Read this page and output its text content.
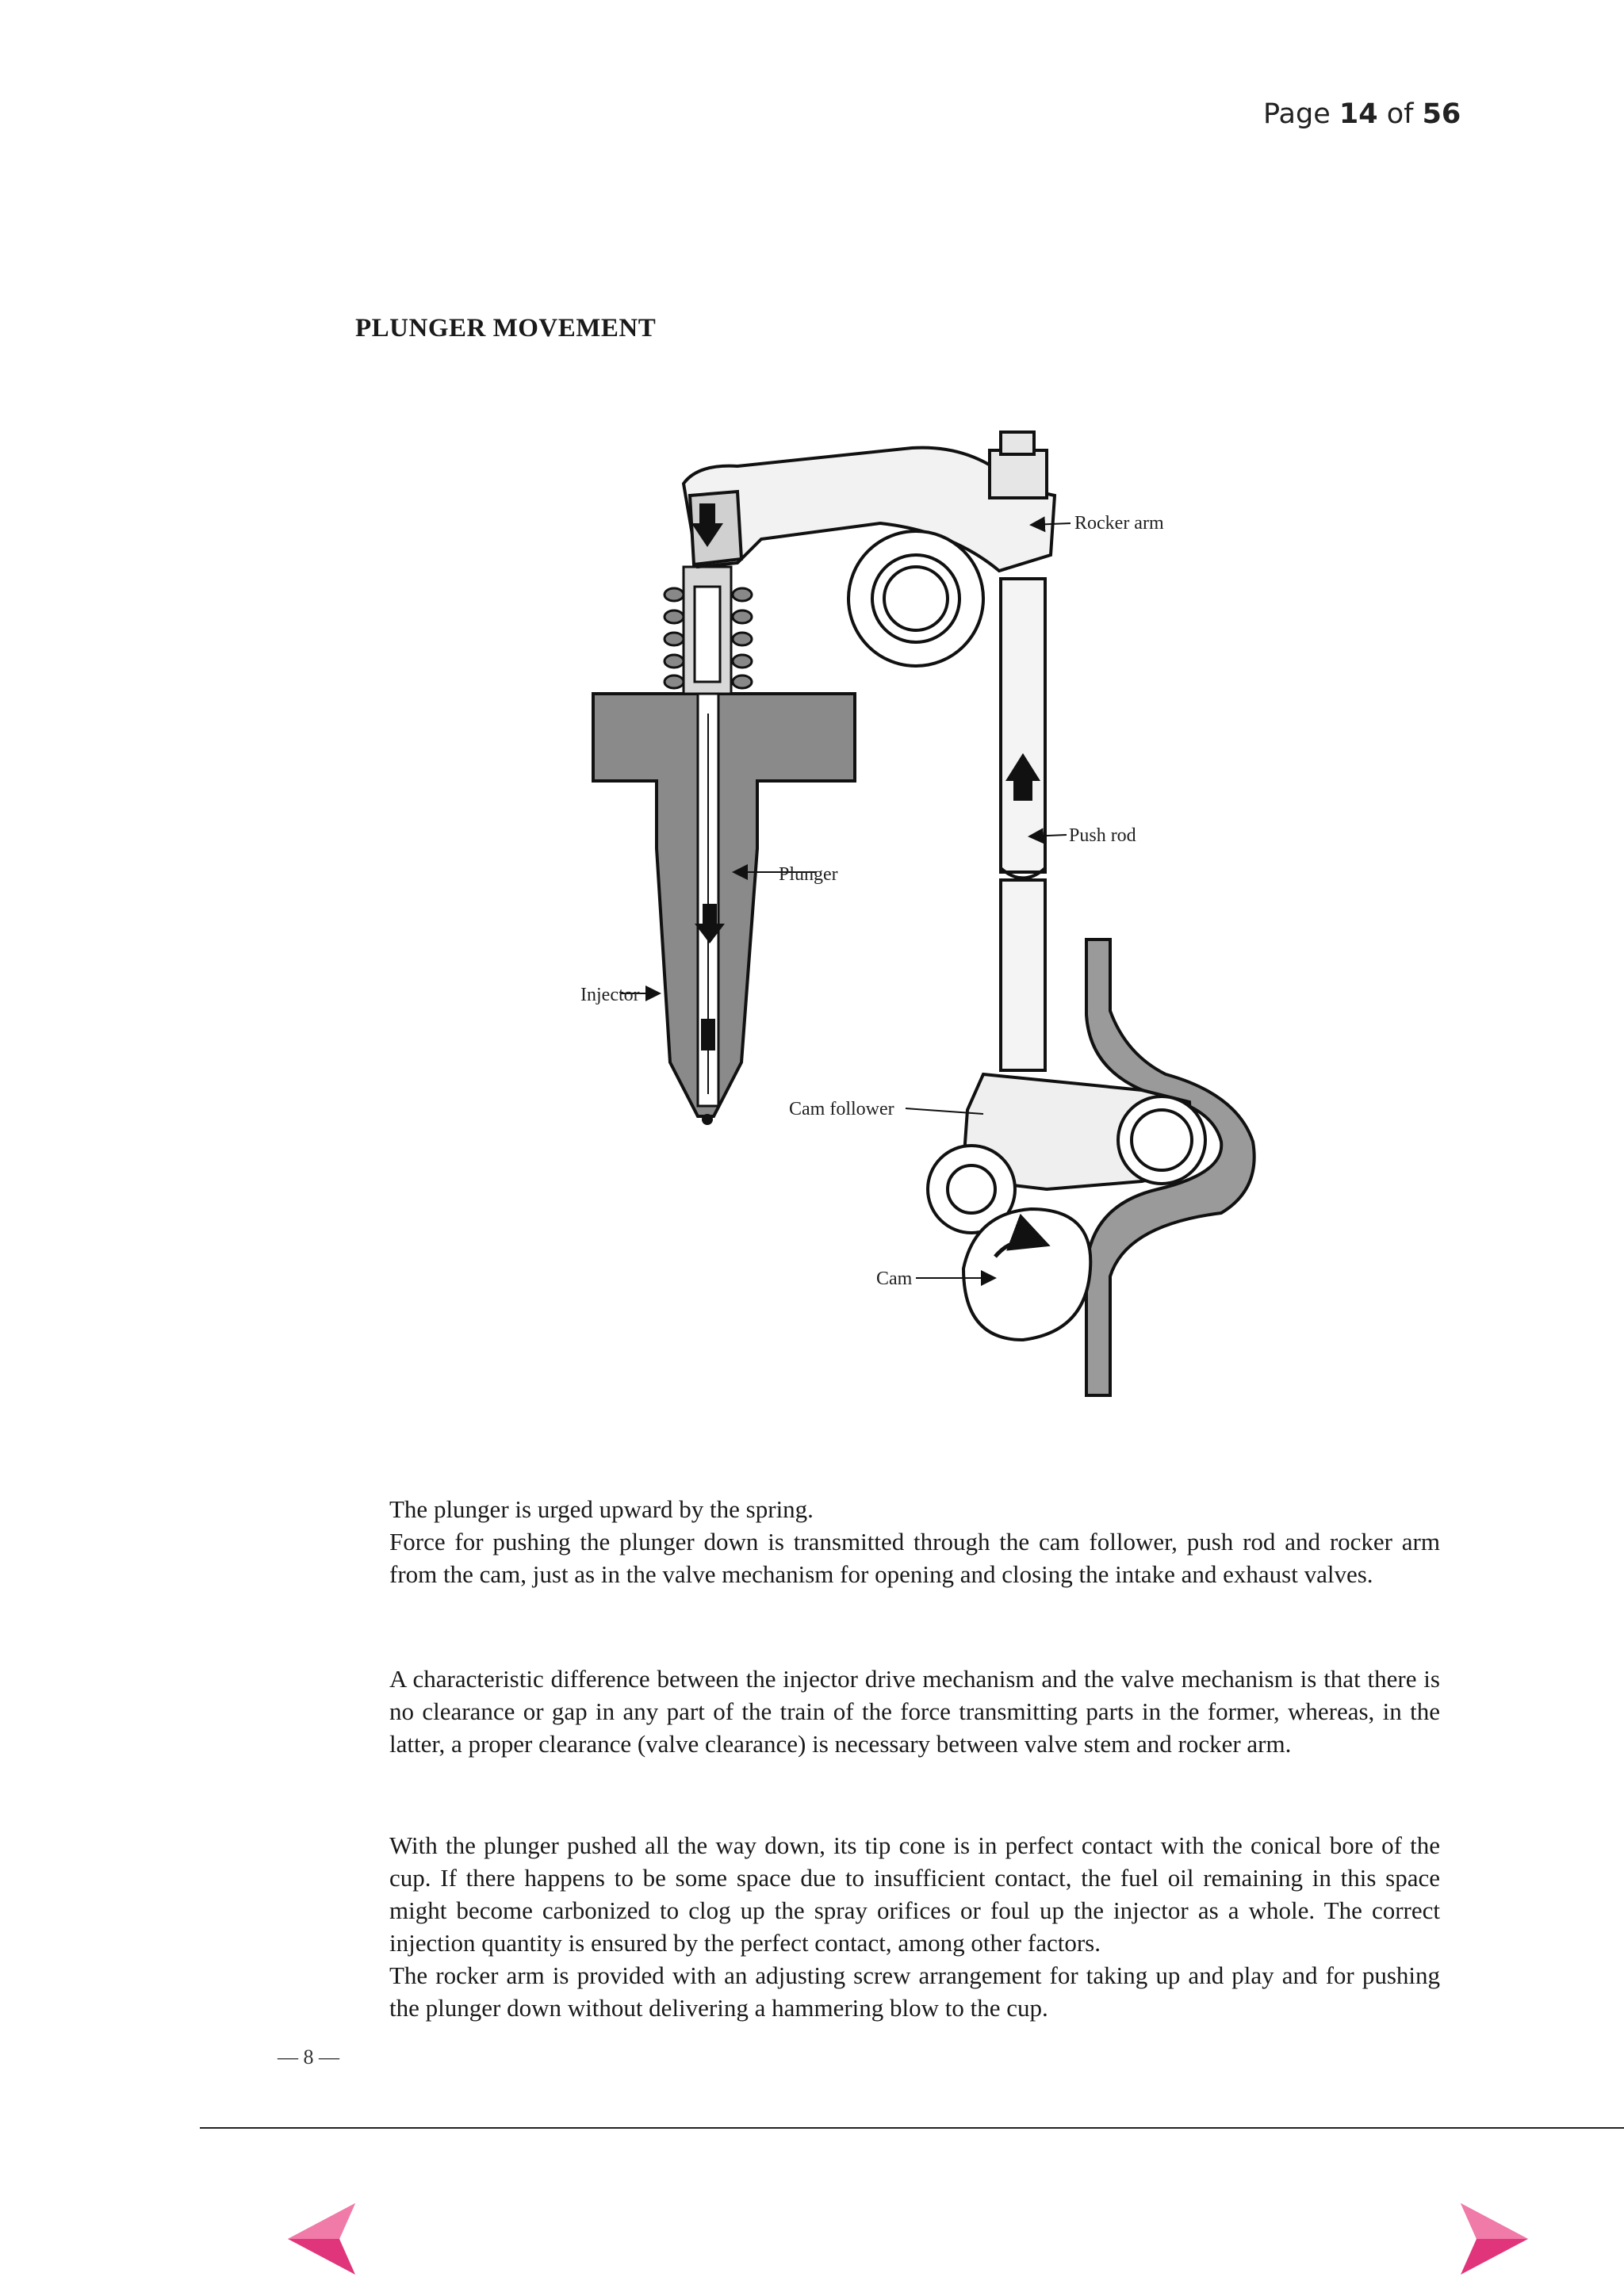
Page 14 of 56
PLUNGER MOVEMENT
Rocker arm
Push rod
Plunger
Injector
Cam follower
Cam

The plunger is urged upward by the spring.

Force for pushing the plunger down is transmitted through the cam follower, push rod and rocker arm from the cam, just as in the valve mechanism for opening and closing the intake and exhaust valves.

A characteristic difference between the injector drive mechanism and the valve mechanism is that there is no clearance or gap in any part of the train of the force transmitting parts in the former, whereas, in the latter, a proper clearance (valve clearance) is necessary between valve stem and rocker arm.

With the plunger pushed all the way down, its tip cone is in perfect contact with the conical bore of the cup. If there happens to be some space due to insufficient contact, the fuel oil remaining in this space might become carbonized to clog up the spray orifices or foul up the injector as a whole. The correct injection quantity is ensured by the perfect contact, among other factors.

The rocker arm is provided with an adjusting screw arrangement for taking up and play and for pushing the plunger down without delivering a hammering blow to the cup.

— 8 —
